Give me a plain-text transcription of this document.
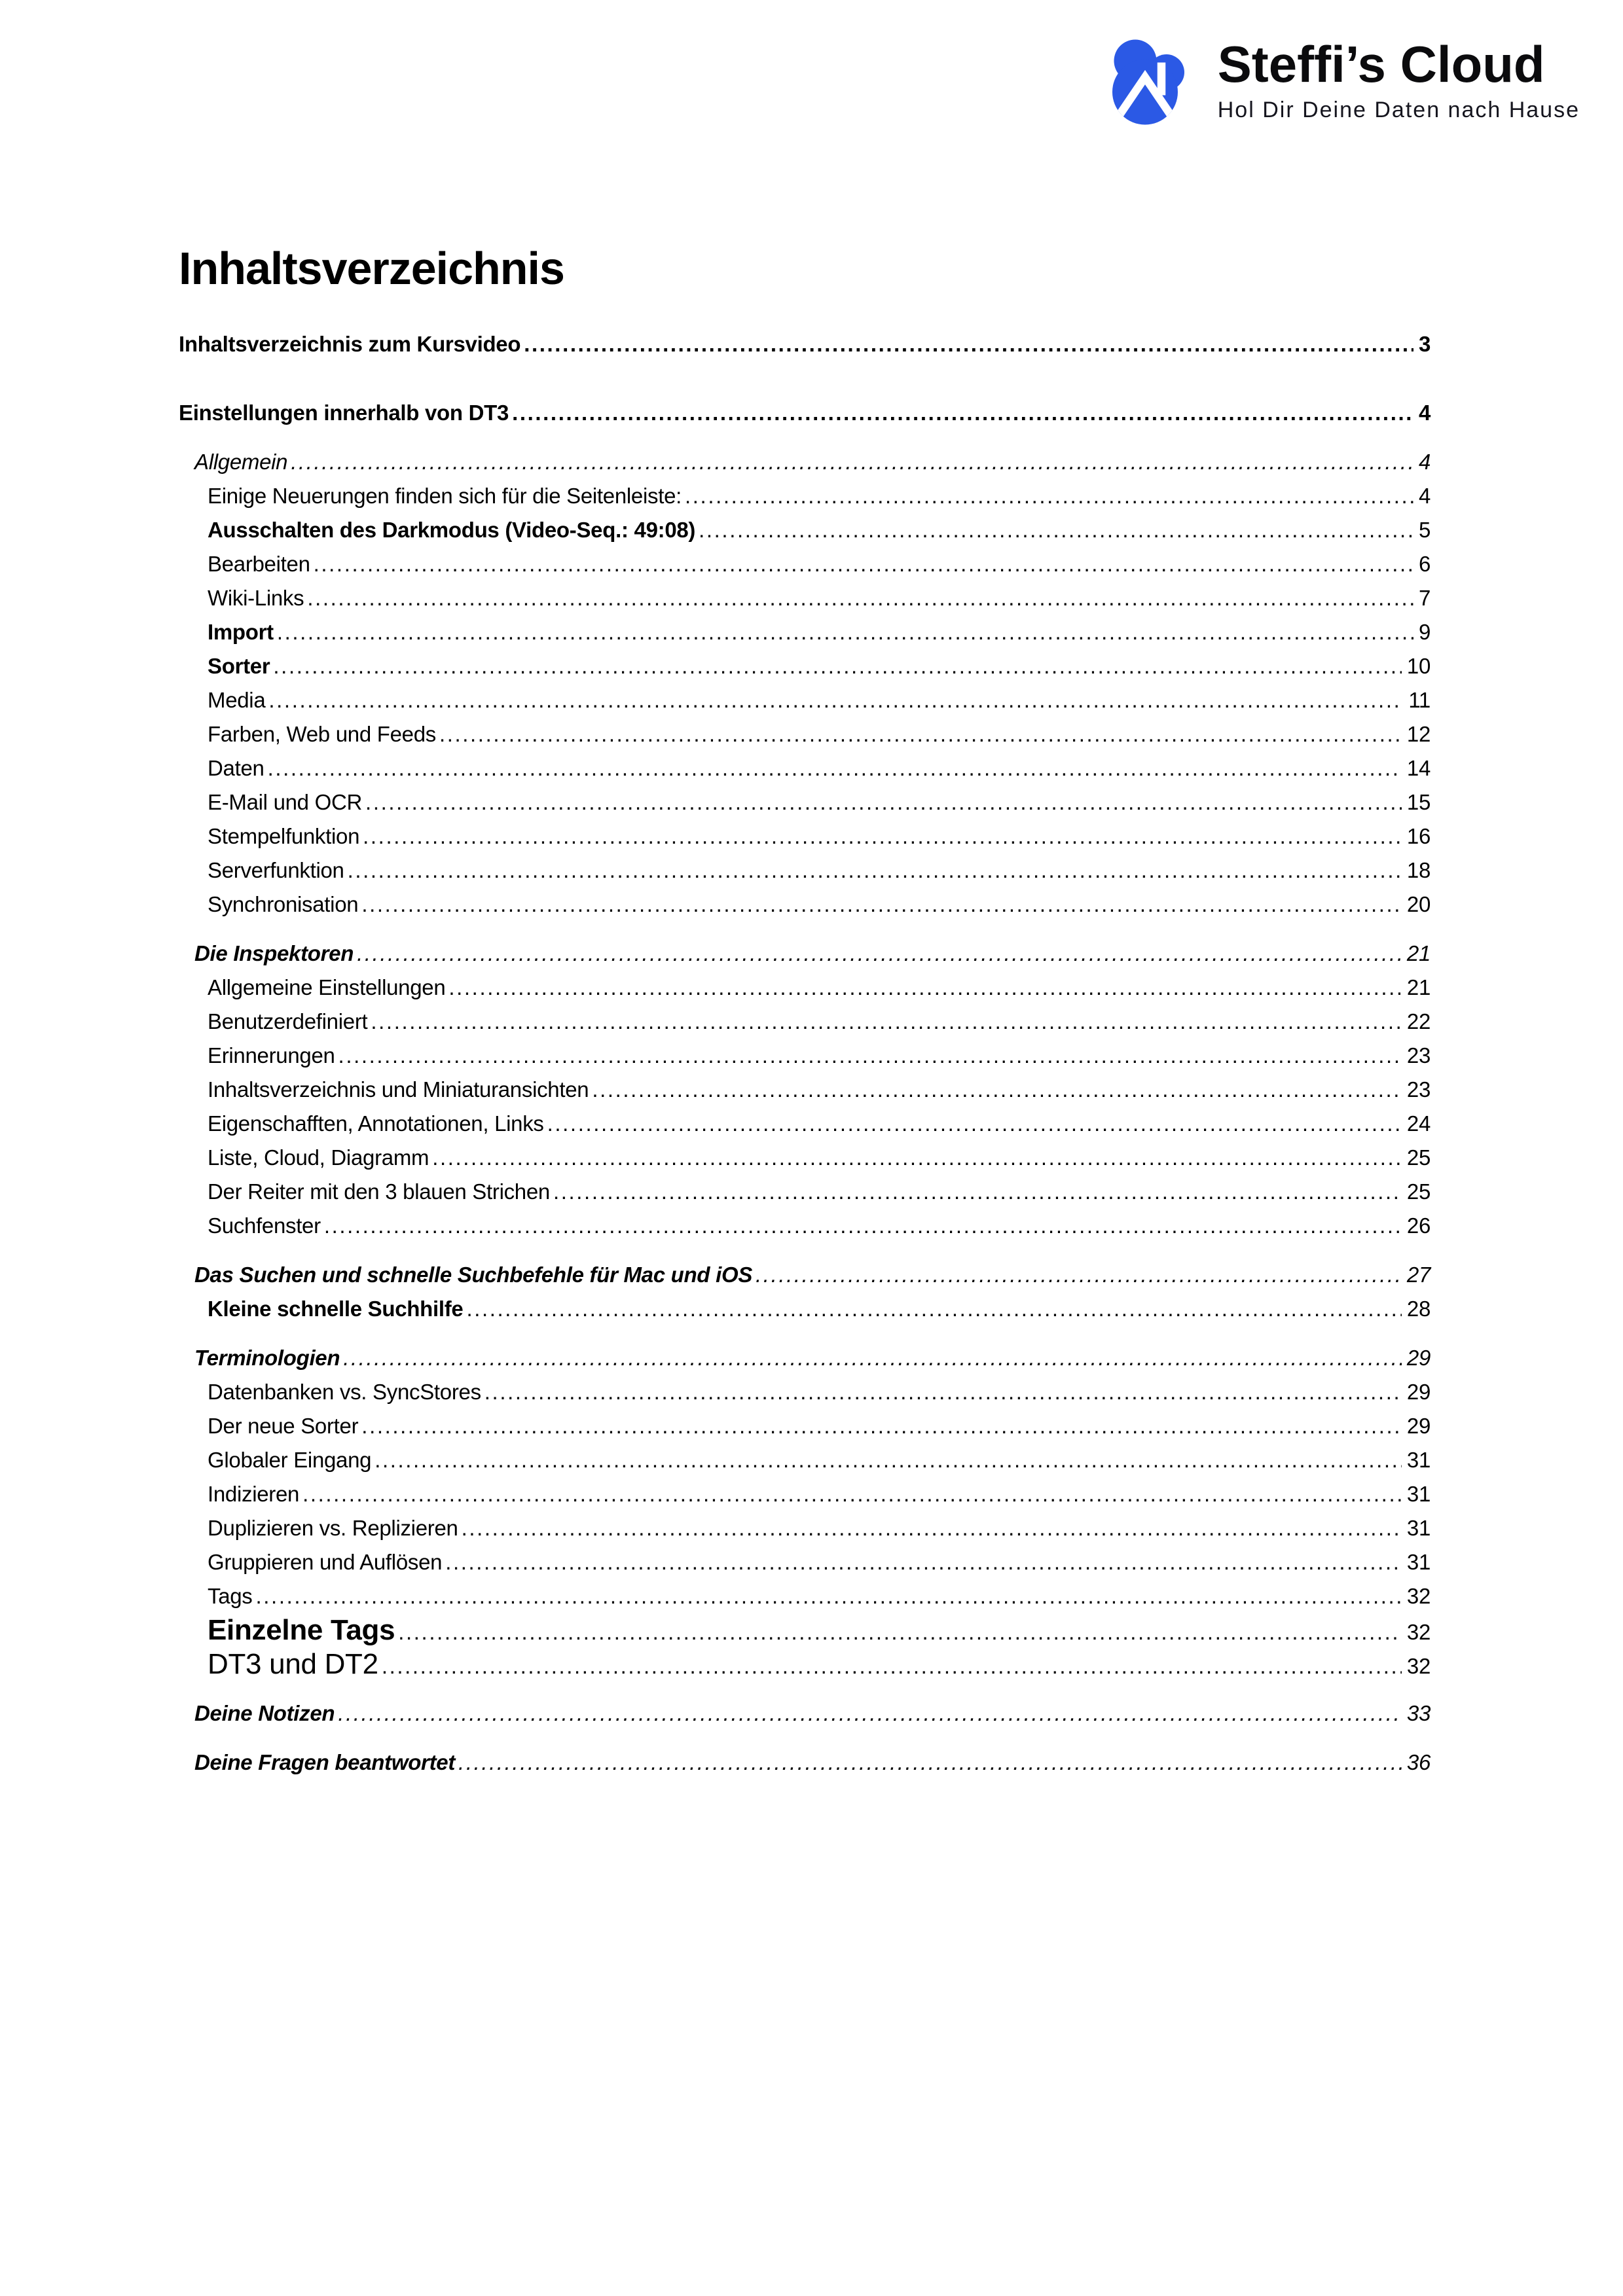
Steffi’s Cloud
Hol Dir Deine Daten nach Hause
Inhaltsverzeichnis
Inhaltsverzeichnis zum Kursvideo .....	3
Einstellungen innerhalb von DT3 .....	4
Allgemein .....	4
Einige Neuerungen finden sich für die Seitenleiste: .....	4
Ausschalten des Darkmodus (Video-Seq.: 49:08) .....	5
Bearbeiten .....	6
Wiki-Links .....	7
Import .....	9
Sorter .....	10
Media .....	11
Farben, Web und Feeds .....	12
Daten .....	14
E-Mail und OCR .....	15
Stempelfunktion .....	16
Serverfunktion .....	18
Synchronisation .....	20
Die Inspektoren .....	21
Allgemeine Einstellungen .....	21
Benutzerdefiniert .....	22
Erinnerungen .....	23
Inhaltsverzeichnis und Miniaturansichten .....	23
Eigenschafften, Annotationen, Links .....	24
Liste, Cloud, Diagramm .....	25
Der Reiter mit den 3 blauen Strichen .....	25
Suchfenster .....	26
Das Suchen und schnelle Suchbefehle für Mac und iOS .....	27
Kleine schnelle Suchhilfe .....	28
Terminologien .....	29
Datenbanken vs. SyncStores .....	29
Der neue Sorter .....	29
Globaler Eingang .....	31
Indizieren .....	31
Duplizieren vs. Replizieren .....	31
Gruppieren und Auflösen .....	31
Tags .....	32
Einzelne Tags .....	32
DT3 und DT2 .....	32
Deine Notizen .....	33
Deine Fragen beantwortet .....	36
